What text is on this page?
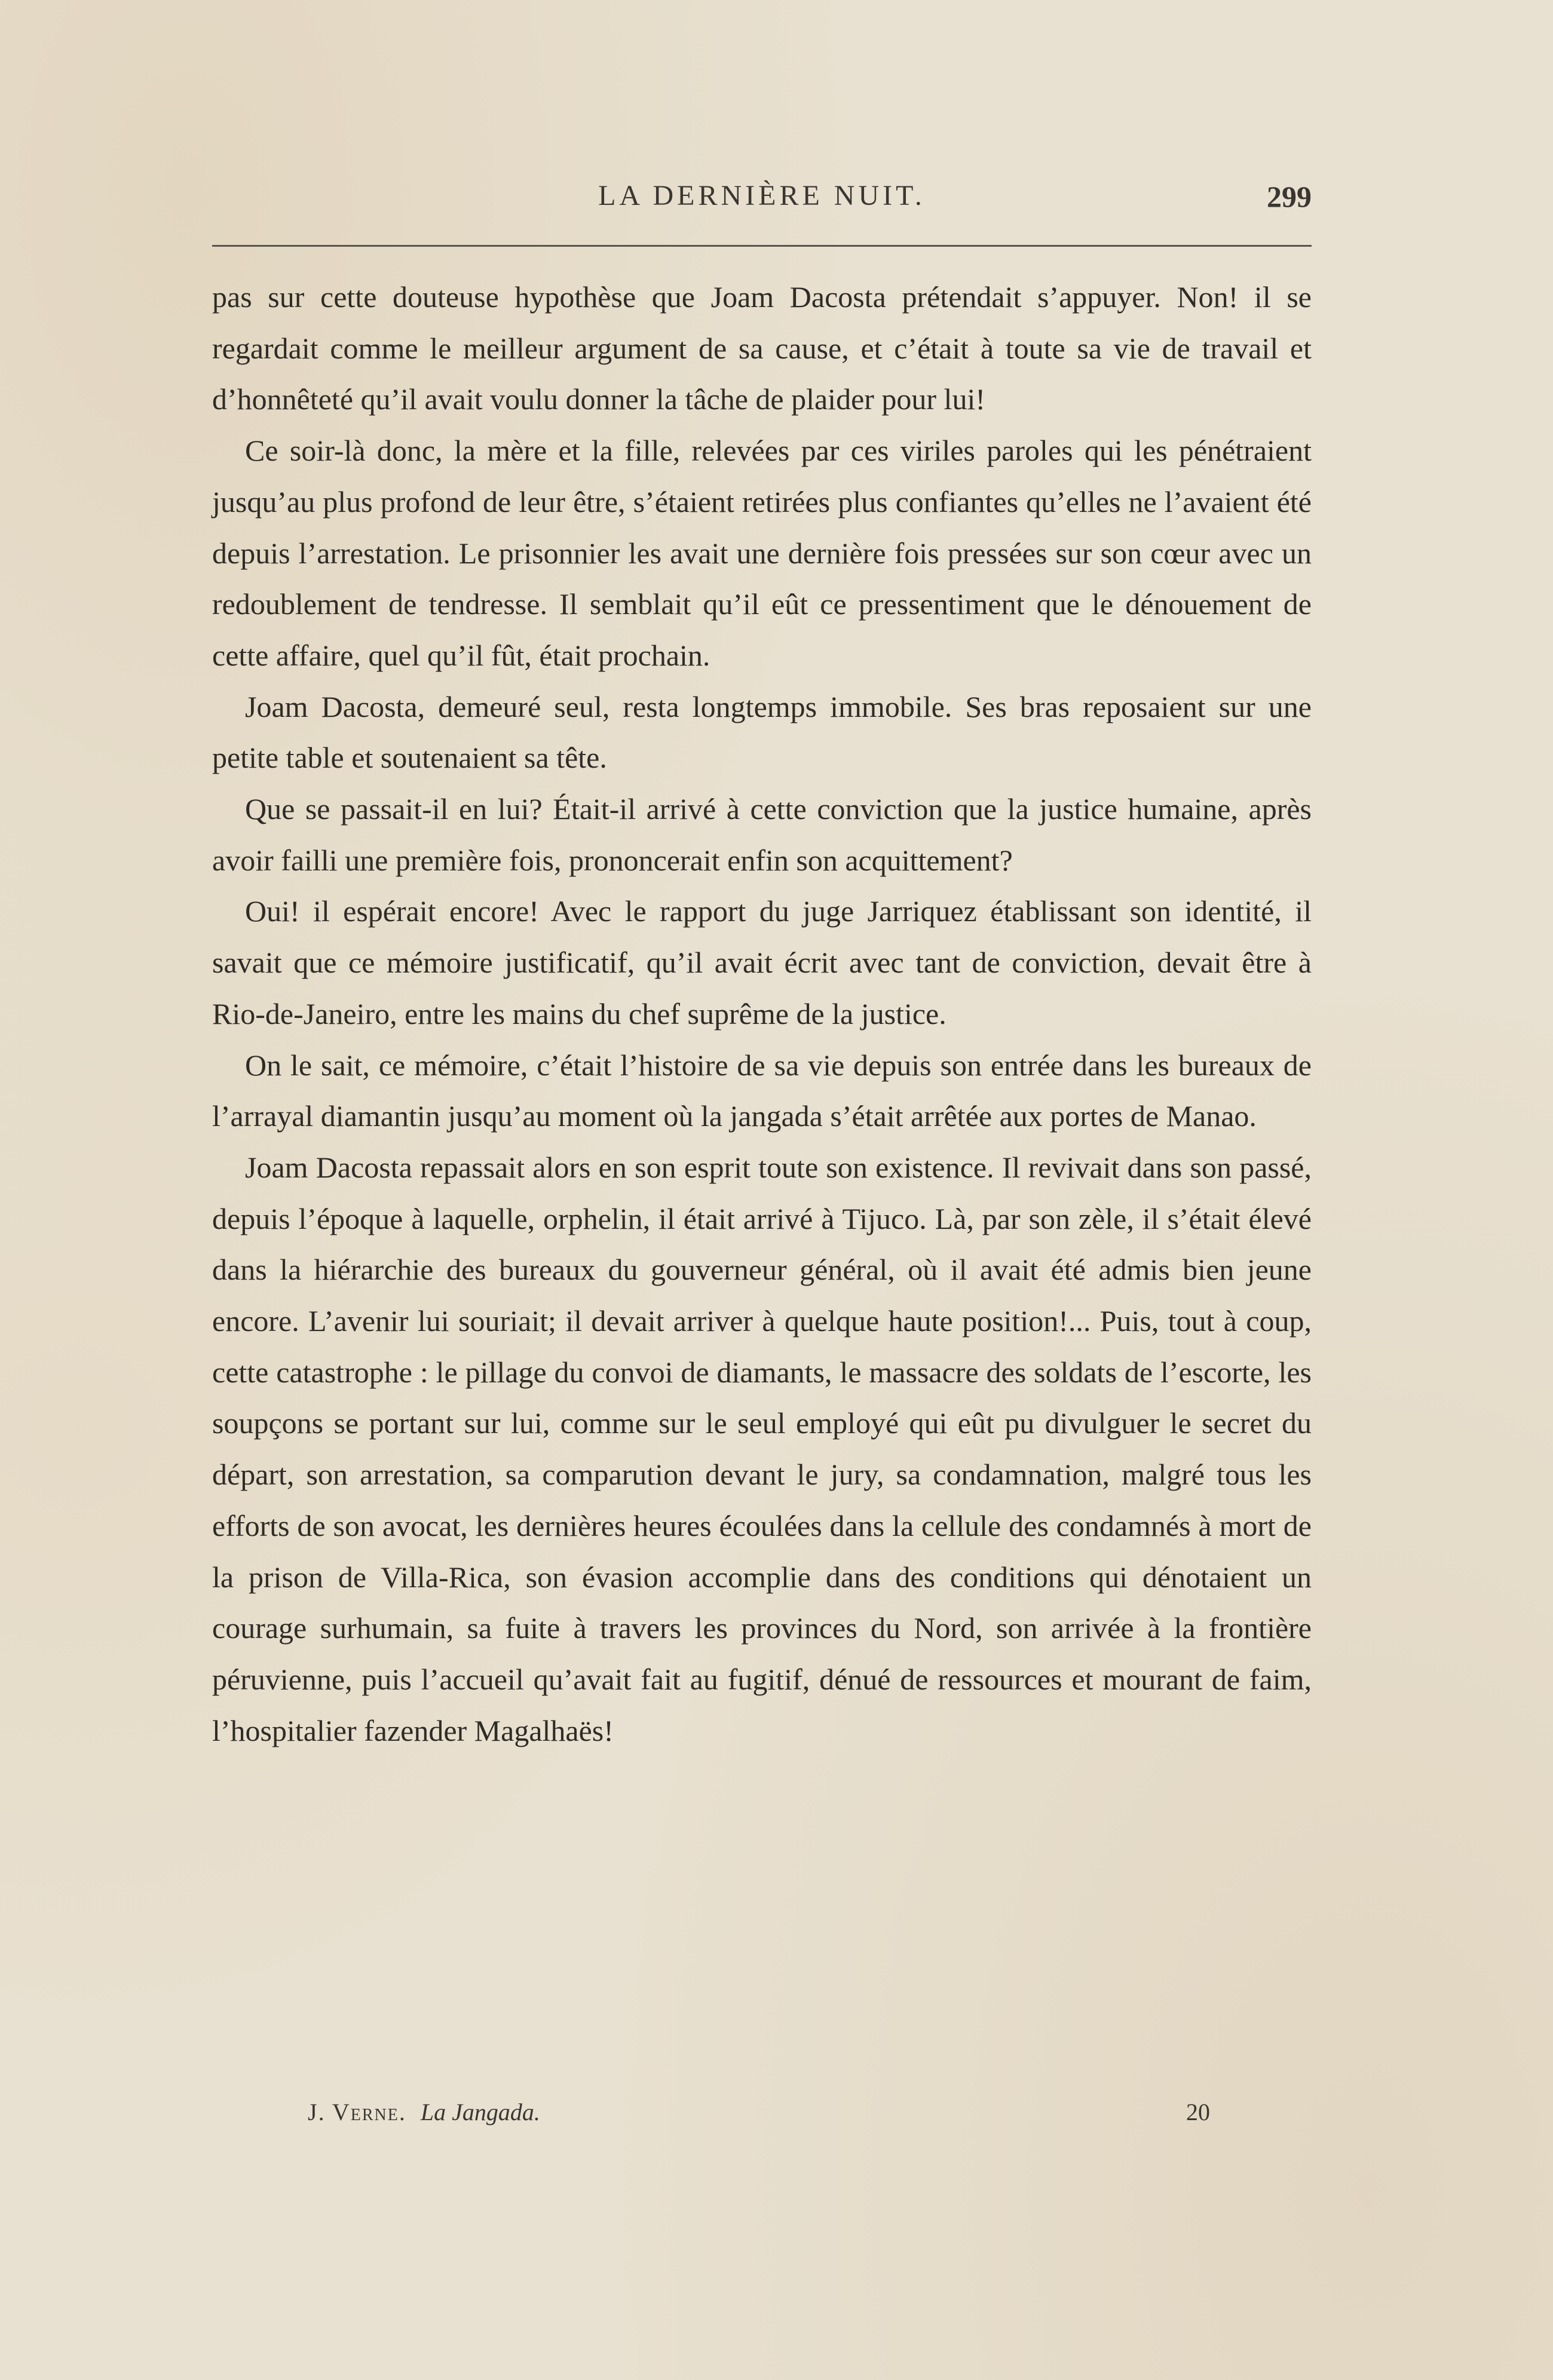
LA DERNIÈRE NUIT.	299

pas sur cette douteuse hypothèse que Joam Dacosta prétendait s’appuyer. Non! il se regardait comme le meilleur argument de sa cause, et c’était à toute sa vie de travail et d’honnêteté qu’il avait voulu donner la tâche de plaider pour lui!

Ce soir-là donc, la mère et la fille, relevées par ces viriles paroles qui les pénétraient jusqu’au plus profond de leur être, s’étaient retirées plus confiantes qu’elles ne l’avaient été depuis l’arrestation. Le prisonnier les avait une dernière fois pressées sur son cœur avec un redoublement de tendresse. Il semblait qu’il eût ce pressentiment que le dénouement de cette affaire, quel qu’il fût, était prochain.

Joam Dacosta, demeuré seul, resta longtemps immobile. Ses bras reposaient sur une petite table et soutenaient sa tête.

Que se passait-il en lui? Était-il arrivé à cette conviction que la justice humaine, après avoir failli une première fois, prononcerait enfin son acquittement?

Oui! il espérait encore! Avec le rapport du juge Jarriquez établissant son identité, il savait que ce mémoire justificatif, qu’il avait écrit avec tant de conviction, devait être à Rio-de-Janeiro, entre les mains du chef suprême de la justice.

On le sait, ce mémoire, c’était l’histoire de sa vie depuis son entrée dans les bureaux de l’arrayal diamantin jusqu’au moment où la jangada s’était arrêtée aux portes de Manao.

Joam Dacosta repassait alors en son esprit toute son existence. Il revivait dans son passé, depuis l’époque à laquelle, orphelin, il était arrivé à Tijuco. Là, par son zèle, il s’était élevé dans la hiérarchie des bureaux du gouverneur général, où il avait été admis bien jeune encore. L’avenir lui souriait; il devait arriver à quelque haute position!... Puis, tout à coup, cette catastrophe : le pillage du convoi de diamants, le massacre des soldats de l’escorte, les soupçons se portant sur lui, comme sur le seul employé qui eût pu divulguer le secret du départ, son arrestation, sa comparution devant le jury, sa condamnation, malgré tous les efforts de son avocat, les dernières heures écoulées dans la cellule des condamnés à mort de la prison de Villa-Rica, son évasion accomplie dans des conditions qui dénotaient un courage surhumain, sa fuite à travers les provinces du Nord, son arrivée à la frontière péruvienne, puis l’accueil qu’avait fait au fugitif, dénué de ressources et mourant de faim, l’hospitalier fazender Magalhaës!

J. Verne. La Jangada.	20
